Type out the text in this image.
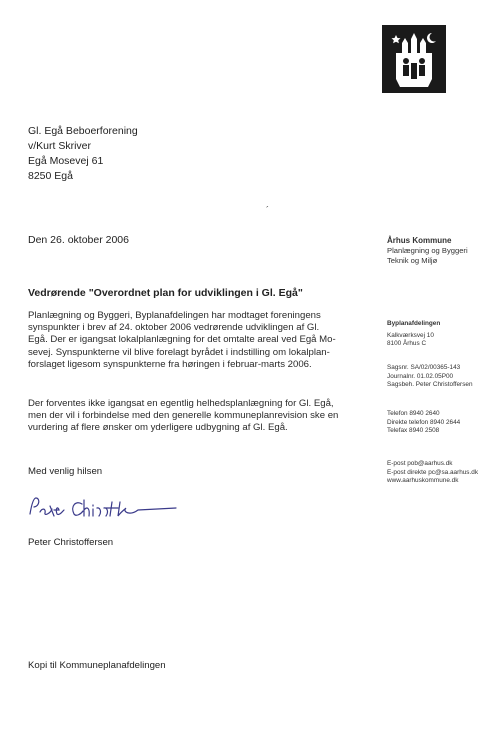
Gl. Egå Beboerforening
v/Kurt Skriver
Egå Mosevej 61
8250 Egå
´
Den 26. oktober 2006
Vedrørende "Overordnet plan for udviklingen i Gl. Egå"
Planlægning og Byggeri, Byplanafdelingen har modtaget foreningens
synspunkter i brev af 24. oktober 2006 vedrørende udviklingen af Gl.
Egå. Der er igangsat lokalplanlægning for det omtalte areal ved Egå Mo-
sevej. Synspunkterne vil blive forelagt byrådet i indstilling om lokalplan-
forslaget ligesom synspunkterne fra høringen i februar-marts 2006.
Der forventes ikke igangsat en egentlig helhedsplanlægning for Gl. Egå,
men der vil i forbindelse med den generelle kommuneplanrevision ske en
vurdering af flere ønsker om yderligere udbygning af Gl. Egå.
Med venlig hilsen
Peter Christoffersen
Kopi til Kommuneplanafdelingen
Århus Kommune
Planlægning og Byggeri
Teknik og Miljø
Byplanafdelingen
Kalkværksvej 10
8100 Århus C
Sagsnr. SA/02/00365-143
Journalnr. 01.02.05P00
Sagsbeh. Peter Christoffersen
Telefon 8940 2640
Direkte telefon 8940 2644
Telefax 8940 2508
E-post pob@aarhus.dk
E-post direkte pc@sa.aarhus.dk
www.aarhuskommune.dk
